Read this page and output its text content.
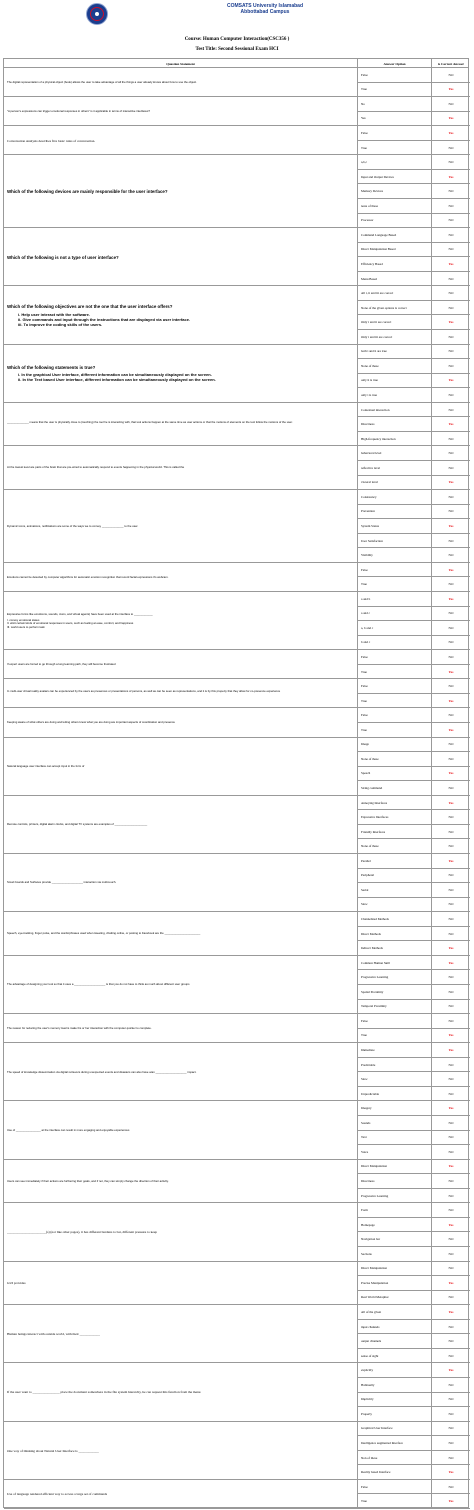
COMSATS University Islamabad
Abbottabad Campus
Course: Human Computer Interaction(CSC356 )
Test Title: Second Sessional Exam HCI
Question Statement	Answer Option	is Correct Answer
The digital representation of a physical object (book) allows the user to take advantage of all the things a user already knows about how to use the object.
False	NO
True	Yes
"A person's expressions can trigger emotional responses in others" is it applicable in terms of interactive interfaces?
No	NO
Yes	Yes
Conversation Analysis describes five basic rules of conversation.
False	Yes
True	NO
Which of the following devices are mainly responsible for the user interface?
a,b,c	NO
Input and Output Devices	Yes
Memory Devices	NO
none of these	NO
Processor	NO
Which of the following is not a type of user interface?
Command Language Based	NO
Direct Manipulation Based	NO
Efficiency Based	Yes
Menu Based	NO
Which of the following objectives are not the one that the user interface offers?
i. Help user interact with the software.
ii. Give commands and input through the instructions that are displayed via user interface.
iii. To improve the coding skills of the users.
All i, ii and iii are correct	NO
None of the given options is correct	NO
Only i and ii are correct	Yes
Only i and iii are correct	NO
Which of the following statements is true?
i. In the graphical User interface, different information can be simultaneously displayed on the screen.
ii. In the Text based User interface, different information can be simultaneously displayed on the screen.
both i and ii are true	NO
None of these	NO
only ii is true	Yes
only i is true	NO
______________ means that the user is physically close to (touching) the tool he is interacting with, that tool actions happen at the same time as user actions or that the motions of elements on the tool follow the motions of the user.
Contextual interaction	NO
Directness	Yes
High-frequency interaction	NO
At the lowest level are parts of the brain that are pre-wired to automatically respond to events happening in the physical world. This is called the
behavioral level	NO
reflective level	NO
visceral level	Yes
Dynamic icons, animations, notifications are some of the ways we to convey ______________ to the user.
Consistency	NO
Prevention	NO
System Status	Yes
User Satisfaction	NO
Visibility	NO
Emotions cannot be detected by computer algorithms for automatic emotion recognition that record facial expressions it's webcam.
False	Yes
True	NO
Expressive forms like emoticons, sounds, icons, and virtual agents) have been used at the interface to ____________
I. convey emotional states
II. elicit certain kinds of emotional responses in users, such as feeling at ease, comfort, and happiness
III. world users to perform task
a and b	Yes
a and c	NO
a, b and c	NO
b and c	NO
If expert users are forced to go through a long learning path, they will become frustrated
False	NO
True	Yes
In multi-user virtual reality avatars can be experienced by the users as presences or presentations of persons, as well as can be seen as representations, and it is by this property that they allow for co-presence experience
False	NO
True	Yes
Keeping aware of what others are doing and letting others know what you are doing are important aspects of coordination and presence
False	NO
True	Yes
Natural language user interface can accept input in the form of
Image	NO
None of these	NO
Speech	Yes
String command	NO
Remote controls, printers, digital alarm clocks, and digital TV systems are examples of _____________________
Annoying Interfaces	Yes
Expressive Interfaces	NO
Friendly Interfaces	NO
None of these	NO
Smart boards and Surfaces provide ____________________ interaction via multi-touch.
Parallel	Yes
Peripheral	NO
Serial	NO
Slow	NO
Speech, eye-tracking, finger pulse, and the words/phrases used when tweeting, chatting online, or posting to Facebook are the _______________________
Channelized Methods	NO
Direct Methods	NO
Indirect Methods	Yes
The advantage of designing your tool so that it uses a ____________________ is that you do not have to think as much about different user groups
Common Human Skill	Yes
Progressive Learning	NO
Spatial Proximity	NO
Temporal Proximity	NO
The reason for reducing the user's memory load is make his or her interaction with the computer quicker to complete.
False	NO
True	Yes
The speed of knowledge dissemination via digital retrievers during unexpected events and disasters can also have a/an ____________________ impact.
Immediate	Yes
Predictable	NO
Slow	NO
Unpredictable	NO
Use of ________________ at the interface can result in more engaging and enjoyable experiences
Imagery	Yes
Sounds	NO
Text	NO
Voice	NO
Users can see immediately if their actions are furthering their goals, and if not, they can simply change the direction of their activity.
Direct Manipulation	Yes
Directness	NO
Progressive Learning	NO
_______________________(s) (not like other pages), it has different burdens to bar, different pressure to keep
Form	NO
Homepage	Yes
Navigation bar	NO
Sections	NO
GUI provides
Direct Manipulation	NO
Precise Manipulation	Yes
Real World Metaphor	NO
Human beings interact with outside world, with their ____________
All of the given	Yes
input channels	NO
output channels	NO
sense of sight	NO
If the user want to ________________ place the document somewhere in the file system hierarchy, he can request this function from the menu
explicitly	Yes
Habitually	NO
Implicitly	NO
Properly	NO
One way of thinking about Natural User Interface is ____________
Graphical User Interface	NO
Intelligence augmented Interface	NO
Non of these	NO
Reality based Interface	Yes
Use of language rendered efficient way to access a large set of commands
False	NO
True	Yes
